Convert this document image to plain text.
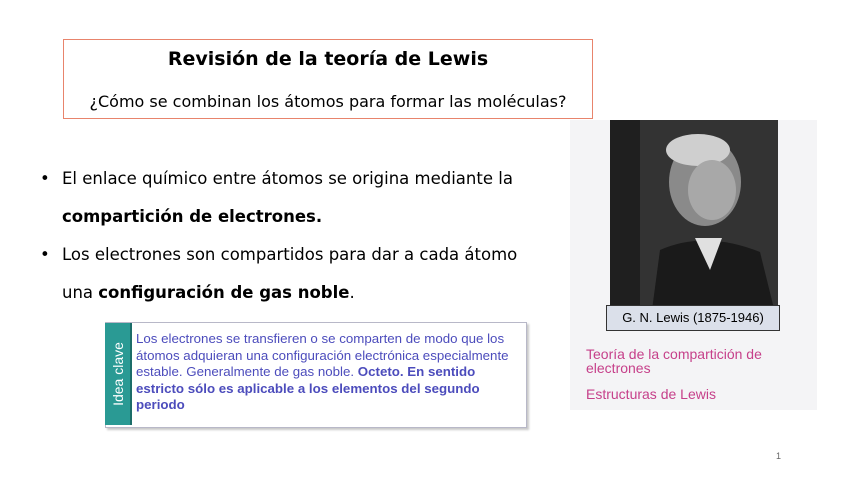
Revisión de la teoría de Lewis
¿Cómo se combinan los átomos para formar las moléculas?
• El enlace químico entre átomos se origina mediante la
compartición de electrones.
• Los electrones son compartidos para dar a cada átomo
una configuración de gas noble.
Idea clave
Los electrones se transfieren o se comparten de modo que los átomos adquieran una configuración electrónica especialmente estable. Generalmente de gas noble. Octeto. En sentido estricto sólo es aplicable a los elementos del segundo periodo
G. N. Lewis (1875-1946)
Teoría de la compartición de
electrones
Estructuras de Lewis
1
